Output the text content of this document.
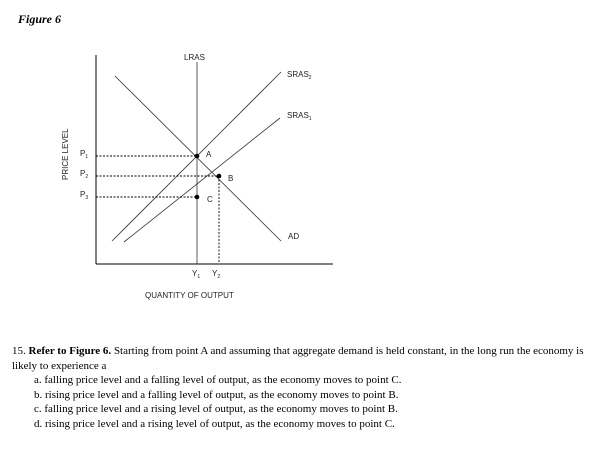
Figure 6
LRAS
$SRAS_2$
$SRAS_1$
AD
A
B
C
$P_1$
$P_2$
$P_3$
PRICE LEVEL
$Y_1$ $Y_2$
QUANTITY OF OUTPUT

15. Refer to Figure 6. Starting from point A and assuming that aggregate demand is held constant, in the long run the economy is likely to experience a

a. falling price level and a falling level of output, as the economy moves to point C.
b. rising price level and a falling level of output, as the economy moves to point B.
c. falling price level and a rising level of output, as the economy moves to point B.
d. rising price level and a rising level of output, as the economy moves to point C.
